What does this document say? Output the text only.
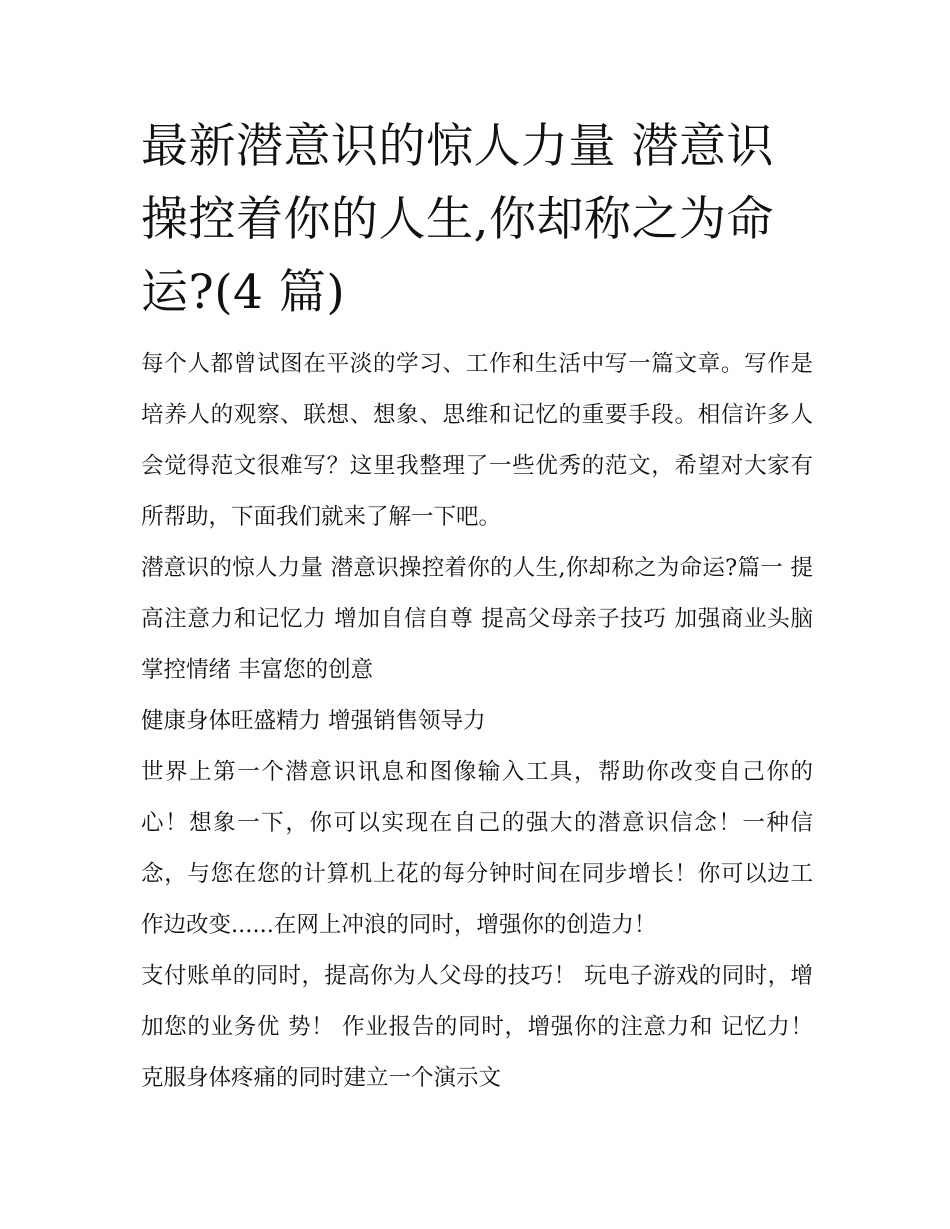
最新潜意识的惊人力量 潜意识操控着你的人生,你却称之为命运?(4 篇)

每个人都曾试图在平淡的学习、工作和生活中写一篇文章。写作是培养人的观察、联想、想象、思维和记忆的重要手段。相信许多人会觉得范文很难写？这里我整理了一些优秀的范文，希望对大家有所帮助，下面我们就来了解一下吧。

潜意识的惊人力量 潜意识操控着你的人生,你却称之为命运?篇一 提高注意力和记忆力 增加自信自尊 提高父母亲子技巧 加强商业头脑 掌控情绪 丰富您的创意

健康身体旺盛精力 增强销售领导力

世界上第一个潜意识讯息和图像输入工具，帮助你改变自己你的心！想象一下，你可以实现在自己的强大的潜意识信念！一种信念，与您在您的计算机上花的每分钟时间在同步增长！你可以边工作边改变......在网上冲浪的同时，增强你的创造力！

支付账单的同时，提高你为人父母的技巧！ 玩电子游戏的同时，增加您的业务优 势！ 作业报告的同时，增强你的注意力和 记忆力！ 克服身体疼痛的同时建立一个演示文
